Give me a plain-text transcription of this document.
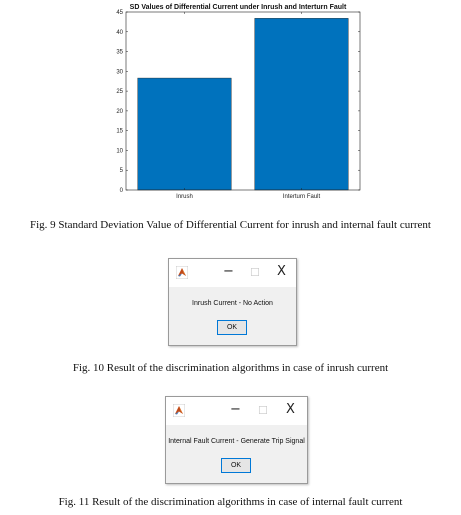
SD Values of Differential Current under Inrush and Interturn Fault
Inrush	Interturn Fault
0
5
10
15
20
25
30
35
40
45
Fig. 9 Standard Deviation Value of Differential Current for inrush and internal fault current
− ☐ X
Inrush Current - No Action
OK
Fig. 10 Result of the discrimination algorithms in case of inrush current
− ☐ X
Internal Fault Current - Generate Trip Signal
OK
Fig. 11 Result of the discrimination algorithms in case of internal fault current
